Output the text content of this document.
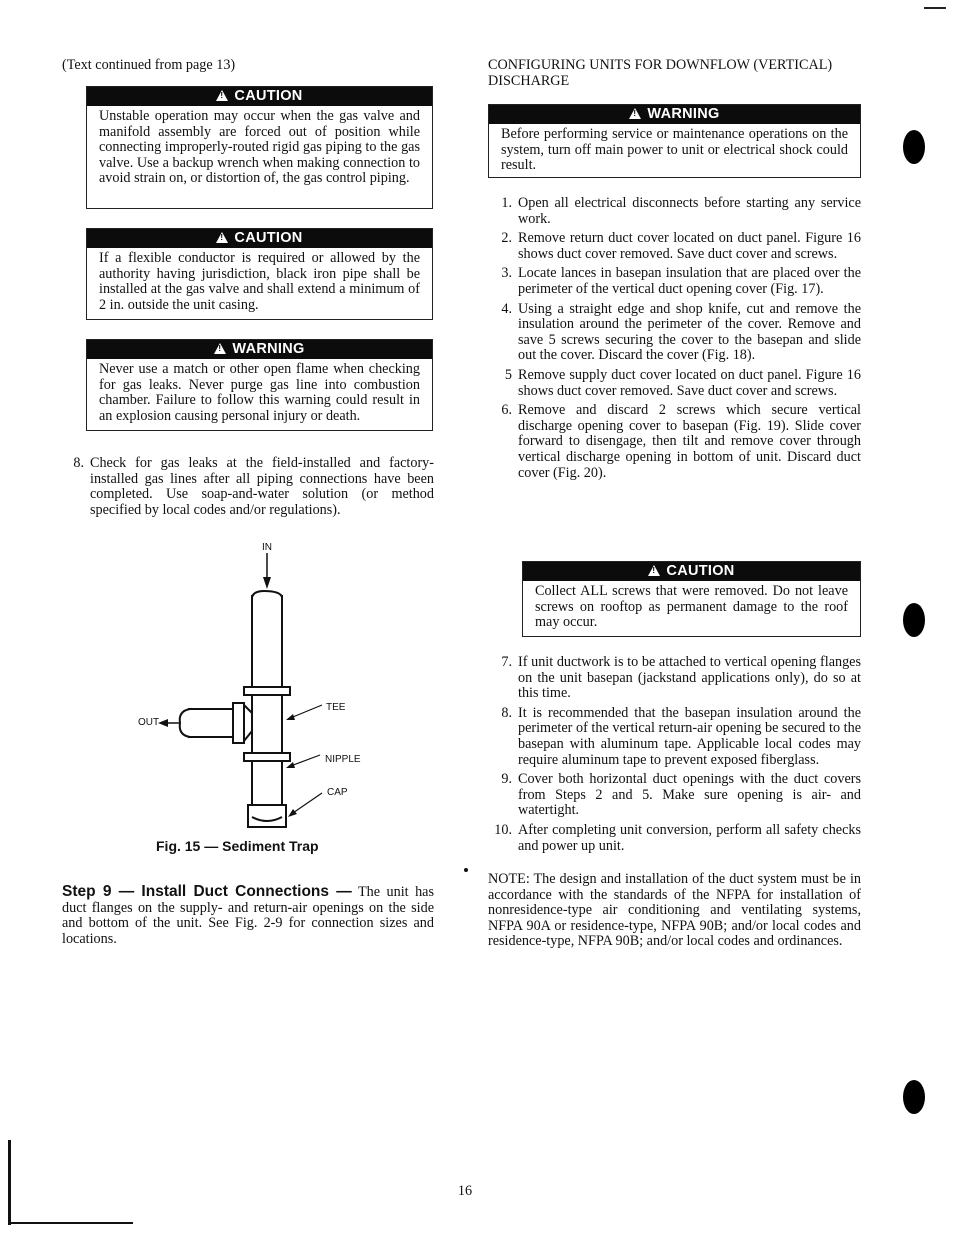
(Text continued from page 13)
!CAUTION
Unstable operation may occur when the gas valve and manifold assembly are forced out of position while connecting improperly-routed rigid gas piping to the gas valve. Use a backup wrench when making connection to avoid strain on, or distortion of, the gas control piping.
!CAUTION
If a flexible conductor is required or allowed by the authority having jurisdiction, black iron pipe shall be installed at the gas valve and shall extend a minimum of 2 in. outside the unit casing.
!WARNING
Never use a match or other open flame when checking for gas leaks. Never purge gas line into combustion chamber. Failure to follow this warning could result in an explosion causing personal injury or death.
8. Check for gas leaks at the field-installed and factory-installed gas lines after all piping connections have been completed. Use soap-and-water solution (or method specified by local codes and/or regulations).
IN
OUT
TEE
NIPPLE
CAP
Fig. 15 — Sediment Trap
Step 9 — Install Duct Connections — The unit has duct flanges on the supply- and return-air openings on the side and bottom of the unit. See Fig. 2-9 for connection sizes and locations.
CONFIGURING UNITS FOR DOWNFLOW (VERTICAL) DISCHARGE
!WARNING
Before performing service or maintenance operations on the system, turn off main power to unit or electrical shock could result.
1. Open all electrical disconnects before starting any service work.
2. Remove return duct cover located on duct panel. Figure 16 shows duct cover removed. Save duct cover and screws.
3. Locate lances in basepan insulation that are placed over the perimeter of the vertical duct opening cover (Fig. 17).
4. Using a straight edge and shop knife, cut and remove the insulation around the perimeter of the cover. Remove and save 5 screws securing the cover to the basepan and slide out the cover. Discard the cover (Fig. 18).
5 Remove supply duct cover located on duct panel. Figure 16 shows duct cover removed. Save duct cover and screws.
6. Remove and discard 2 screws which secure vertical discharge opening cover to basepan (Fig. 19). Slide cover forward to disengage, then tilt and remove cover through vertical discharge opening in bottom of unit. Discard duct cover (Fig. 20).
!CAUTION
Collect ALL screws that were removed. Do not leave screws on rooftop as permanent damage to the roof may occur.
7. If unit ductwork is to be attached to vertical opening flanges on the unit basepan (jackstand applications only), do so at this time.
8. It is recommended that the basepan insulation around the perimeter of the vertical return-air opening be secured to the basepan with aluminum tape. Applicable local codes may require aluminum tape to prevent exposed fiberglass.
9. Cover both horizontal duct openings with the duct covers from Steps 2 and 5. Make sure opening is air- and watertight.
10. After completing unit conversion, perform all safety checks and power up unit.
NOTE: The design and installation of the duct system must be in accordance with the standards of the NFPA for installation of nonresidence-type air conditioning and ventilating systems, NFPA 90A or residence-type, NFPA 90B; and/or local codes and residence-type, NFPA 90B; and/or local codes and ordinances.
16
